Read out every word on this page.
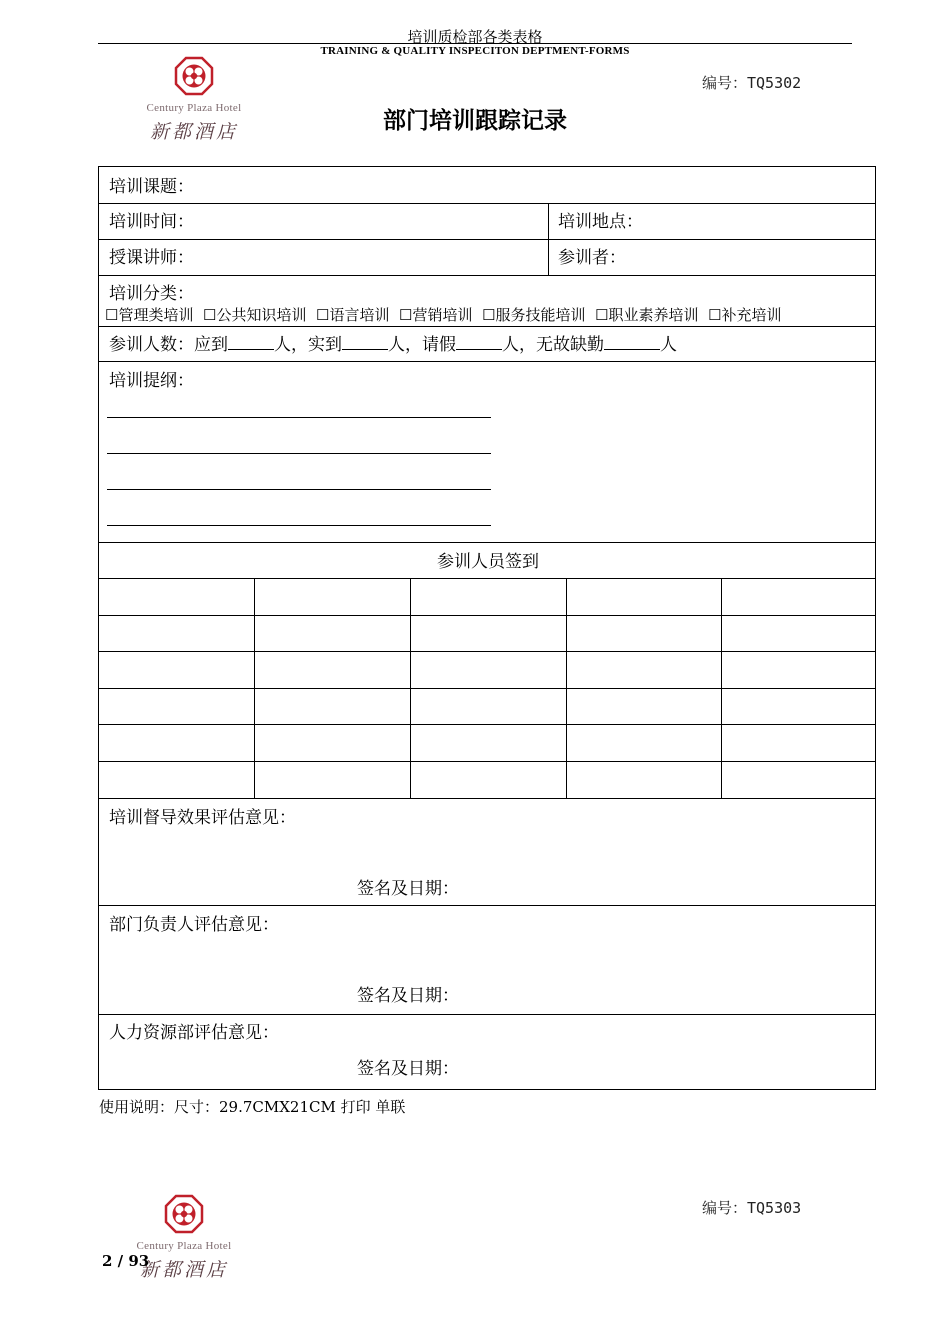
培训质检部各类表格
TRAINING & QUALITY INSPECITON DEPTMENT-FORMS
Century Plaza Hotel
新都酒店
编号：TQ5302
部门培训跟踪记录
培训课题：
培训时间：	培训地点：
授课讲师：	参训者：
培训分类：
☐管理类培训  ☐公共知识培训  ☐语言培训  ☐营销培训  ☐服务技能培训  ☐职业素养培训  ☐补充培训
参训人数：应到	人，实到	人，请假	人，无故缺勤	人
培训提纲：
参训人员签到
培训督导效果评估意见：
签名及日期：
部门负责人评估意见：
签名及日期：
人力资源部评估意见：
签名及日期：
使用说明：尺寸：29.7CMX21CM 打印 单联
Century Plaza Hotel
新都酒店
编号：TQ5303
2 / 93
